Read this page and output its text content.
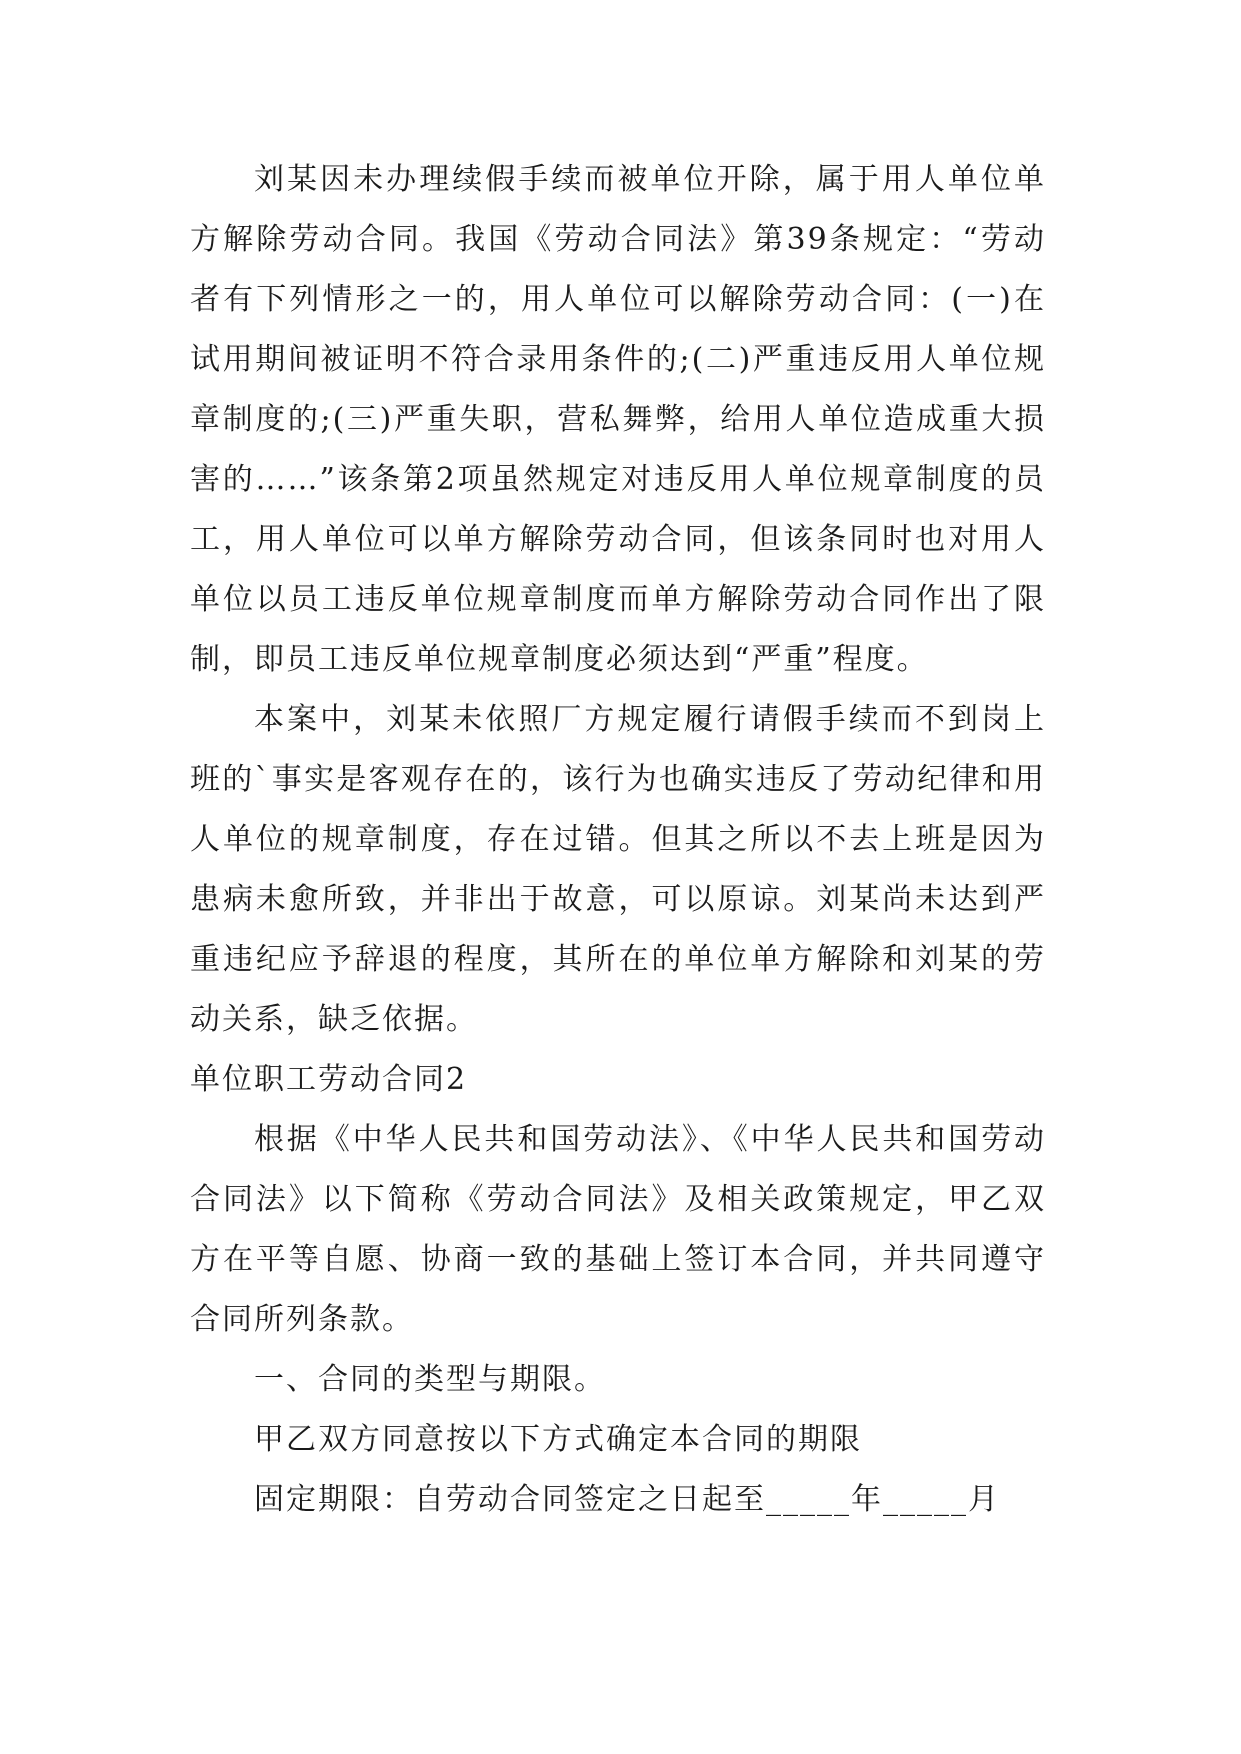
刘某因未办理续假手续而被单位开除，属于用人单位单方解除劳动合同。我国《劳动合同法》第39条规定：“劳动者有下列情形之一的，用人单位可以解除劳动合同：(一)在试用期间被证明不符合录用条件的;(二)严重违反用人单位规章制度的;(三)严重失职，营私舞弊，给用人单位造成重大损害的……”该条第2项虽然规定对违反用人单位规章制度的员工，用人单位可以单方解除劳动合同，但该条同时也对用人单位以员工违反单位规章制度而单方解除劳动合同作出了限制，即员工违反单位规章制度必须达到“严重”程度。

本案中，刘某未依照厂方规定履行请假手续而不到岗上班的`事实是客观存在的，该行为也确实违反了劳动纪律和用人单位的规章制度，存在过错。但其之所以不去上班是因为患病未愈所致，并非出于故意，可以原谅。刘某尚未达到严重违纪应予辞退的程度，其所在的单位单方解除和刘某的劳动关系，缺乏依据。

单位职工劳动合同2

根据《中华人民共和国劳动法》、《中华人民共和国劳动合同法》以下简称《劳动合同法》及相关政策规定，甲乙双方在平等自愿、协商一致的基础上签订本合同，并共同遵守合同所列条款。

一、合同的类型与期限。

甲乙双方同意按以下方式确定本合同的期限

固定期限：自劳动合同签定之日起至_____年_____月
